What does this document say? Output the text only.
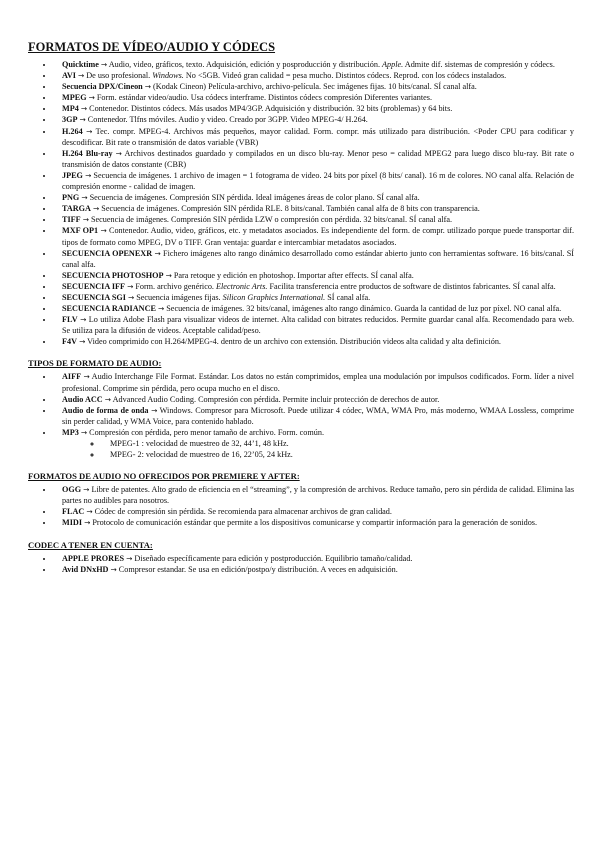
FORMATOS DE VÍDEO/AUDIO Y CÓDECS
• Quicktime → Audio, video, gráficos, texto. Adquisición, edición y posproducción y distribución. Apple. Admite dif. sistemas de compresión y códecs.
• AVI → De uso profesional. Windows. No <5GB. Videó gran calidad = pesa mucho. Distintos códecs. Reprod. con los códecs instalados.
• Secuencia DPX/Cineon → (Kodak Cineon) Película-archivo, archivo-película. Sec imágenes fijas. 10 bits/canal. SÍ canal alfa.
• MPEG → Form. estándar video/audio. Usa códecs interframe. Distintos códecs compresión Diferentes variantes.
• MP4 → Contenedor. Distintos códecs. Más usados MP4/3GP. Adquisición y distribución. 32 bits (problemas) y 64 bits.
• 3GP → Contenedor. Tlfns móviles. Audio y video. Creado por 3GPP. Video MPEG-4/ H.264.
• H.264 → Tec. compr. MPEG-4. Archivos más pequeños, mayor calidad. Form. compr. más utilizado para distribución. <Poder CPU para codificar y descodificar. Bit rate o transmisión de datos variable (VBR)
• H.264 Blu-ray → Archivos destinados guardado y compilados en un disco blu-ray. Menor peso = calidad MPEG2 para luego disco blu-ray. Bit rate o transmisión de datos constante (CBR)
• JPEG → Secuencia de imágenes. 1 archivo de imagen = 1 fotograma de video. 24 bits por píxel (8 bits/ canal). 16 m de colores. NO canal alfa. Relación de compresión enorme - calidad de imagen.
• PNG → Secuencia de imágenes. Compresión SIN pérdida. Ideal imágenes áreas de color plano. SÍ canal alfa.
• TARGA → Secuencia de imágenes. Compresión SIN pérdida RLE. 8 bits/canal. También canal alfa de 8 bits con transparencia.
• TIFF → Secuencia de imágenes. Compresión SIN pérdida LZW o compresión con pérdida. 32 bits/canal. SÍ canal alfa.
• MXF OP1 → Contenedor. Audio, video, gráficos, etc. y metadatos asociados. Es independiente del form. de compr. utilizado porque puede transportar dif. tipos de formato como MPEG, DV o TIFF. Gran ventaja: guardar e intercambiar metadatos asociados.
• SECUENCIA OPENEXR → Fichero imágenes alto rango dinámico desarrollado como estándar abierto junto con herramientas software. 16 bits/canal. SÍ canal alfa.
• SECUENCIA PHOTOSHOP → Para retoque y edición en photoshop. Importar after effects. SÍ canal alfa.
• SECUENCIA IFF → Form. archivo genérico. Electronic Arts. Facilita transferencia entre productos de software de distintos fabricantes. SÍ canal alfa.
• SECUENCIA SGI → Secuencia imágenes fijas. Silicon Graphics International. SÍ canal alfa.
• SECUENCIA RADIANCE → Secuencia de imágenes. 32 bits/canal, imágenes alto rango dinámico. Guarda la cantidad de luz por píxel. NO canal alfa.
• FLV → Lo utiliza Adobe Flash para visualizar videos de internet. Alta calidad con bitrates reducidos. Permite guardar canal alfa. Recomendado para web. Se utiliza para la difusión de videos. Aceptable calidad/peso.
• F4V → Video comprimido con H.264/MPEG-4. dentro de un archivo con extensión. Distribución videos alta calidad y alta definición.
TIPOS DE FORMATO DE AUDIO:
• AIFF → Audio Interchange File Format. Estándar. Los datos no están comprimidos, emplea una modulación por impulsos codificados. Form. líder a nivel profesional. Comprime sin pérdida, pero ocupa mucho en el disco.
• Audio ACC → Advanced Audio Coding. Compresión con pérdida. Permite incluir protección de derechos de autor.
• Audio de forma de onda → Windows. Compresor para Microsoft. Puede utilizar 4 códec, WMA, WMA Pro, más moderno, WMAA Lossless, comprime sin perder calidad, y WMA Voice, para contenido hablado.
• MP3 → Compresión con pérdida, pero menor tamaño de archivo. Form. común.
◦ MPEG-1 : velocidad de muestreo de 32, 44’1, 48 kHz.
◦ MPEG- 2: velocidad de muestreo de 16, 22’05, 24 kHz.
FORMATOS DE AUDIO NO OFRECIDOS POR PREMIERE Y AFTER:
• OGG → Libre de patentes. Alto grado de eficiencia en el “streaming”, y la compresión de archivos. Reduce tamaño, pero sin pérdida de calidad. Elimina las partes no audibles para nosotros.
• FLAC → Códec de compresión sin pérdida. Se recomienda para almacenar archivos de gran calidad.
• MIDI → Protocolo de comunicación estándar que permite a los dispositivos comunicarse y compartir información para la generación de sonidos.
CODEC A TENER EN CUENTA:
• APPLE PRORES → Diseñado específicamente para edición y postproducción. Equilibrio tamaño/calidad.
• Avid DNxHD → Compresor estandar. Se usa en edición/postpo/y distribución. A veces en adquisición.
